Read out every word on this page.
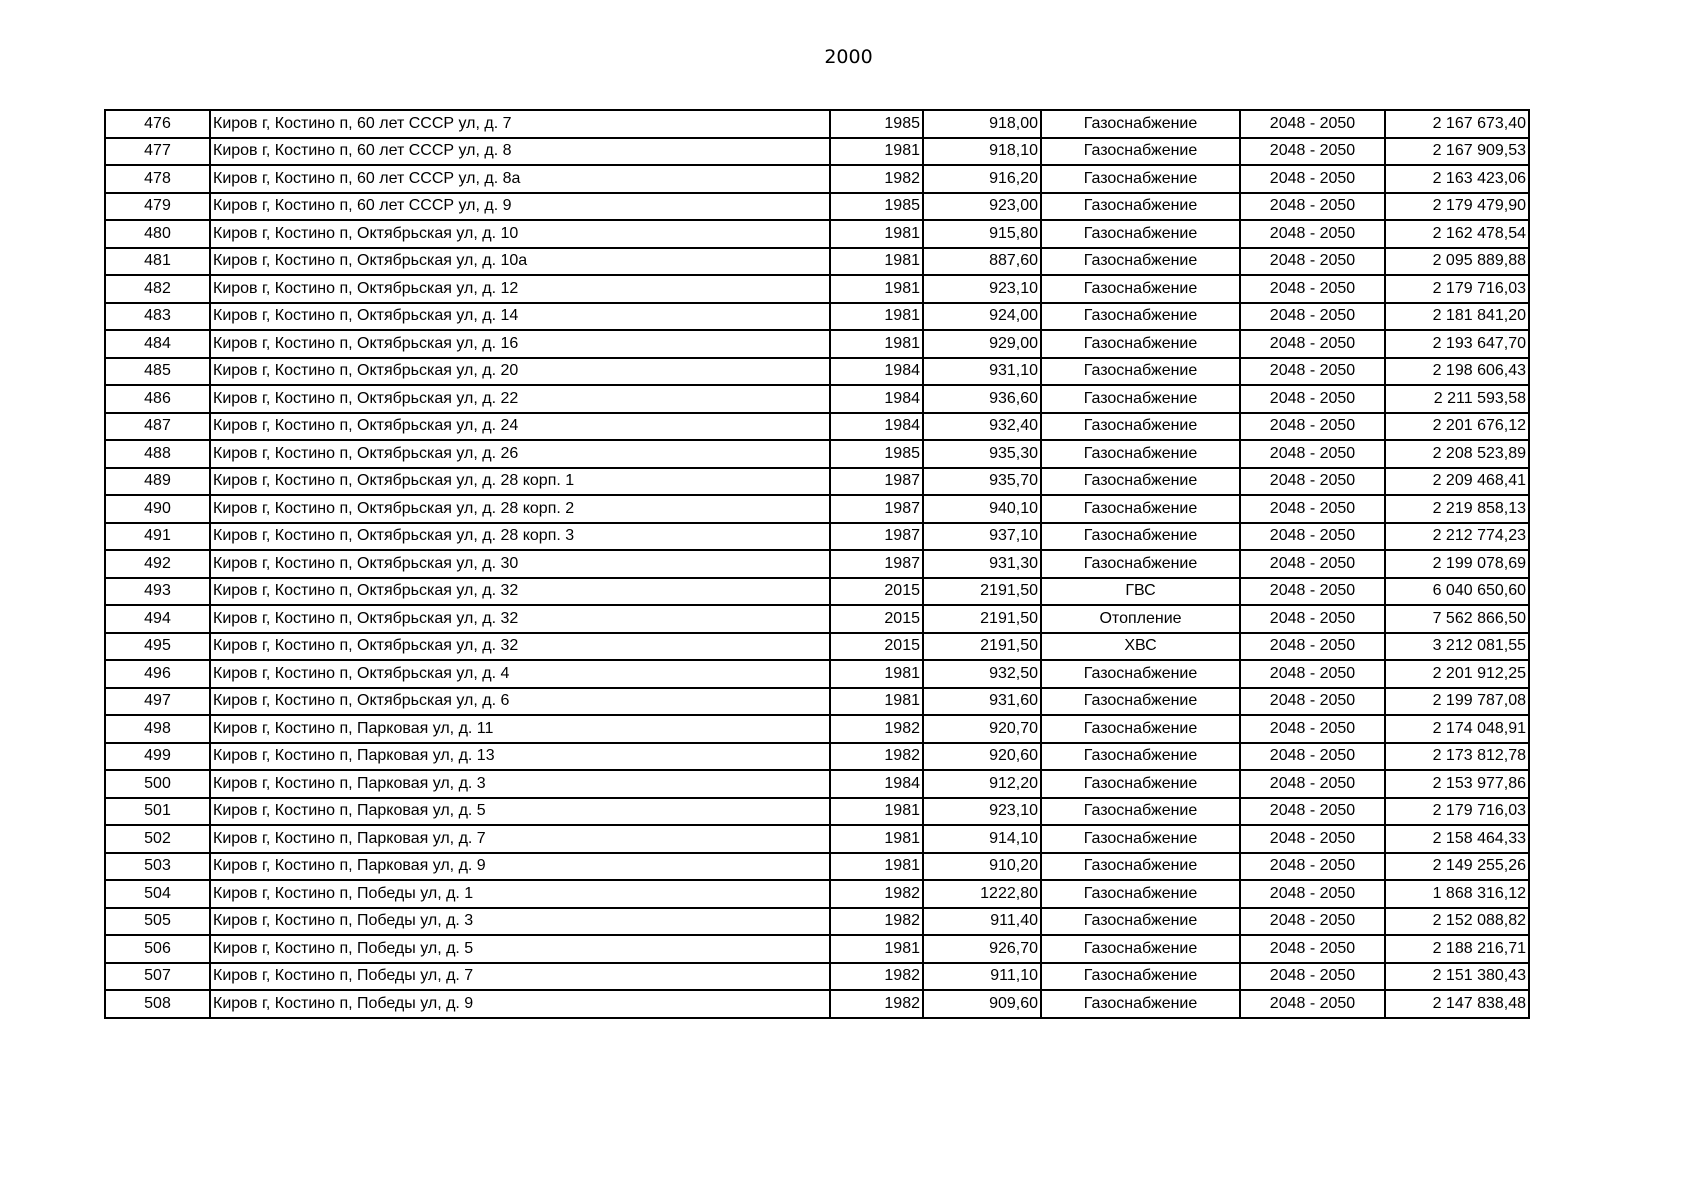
2000
476	Киров г, Костино п, 60 лет СССР ул, д. 7	1985	918,00	Газоснабжение	2048 - 2050	2 167 673,40
477	Киров г, Костино п, 60 лет СССР ул, д. 8	1981	918,10	Газоснабжение	2048 - 2050	2 167 909,53
478	Киров г, Костино п, 60 лет СССР ул, д. 8а	1982	916,20	Газоснабжение	2048 - 2050	2 163 423,06
479	Киров г, Костино п, 60 лет СССР ул, д. 9	1985	923,00	Газоснабжение	2048 - 2050	2 179 479,90
480	Киров г, Костино п, Октябрьская ул, д. 10	1981	915,80	Газоснабжение	2048 - 2050	2 162 478,54
481	Киров г, Костино п, Октябрьская ул, д. 10а	1981	887,60	Газоснабжение	2048 - 2050	2 095 889,88
482	Киров г, Костино п, Октябрьская ул, д. 12	1981	923,10	Газоснабжение	2048 - 2050	2 179 716,03
483	Киров г, Костино п, Октябрьская ул, д. 14	1981	924,00	Газоснабжение	2048 - 2050	2 181 841,20
484	Киров г, Костино п, Октябрьская ул, д. 16	1981	929,00	Газоснабжение	2048 - 2050	2 193 647,70
485	Киров г, Костино п, Октябрьская ул, д. 20	1984	931,10	Газоснабжение	2048 - 2050	2 198 606,43
486	Киров г, Костино п, Октябрьская ул, д. 22	1984	936,60	Газоснабжение	2048 - 2050	2 211 593,58
487	Киров г, Костино п, Октябрьская ул, д. 24	1984	932,40	Газоснабжение	2048 - 2050	2 201 676,12
488	Киров г, Костино п, Октябрьская ул, д. 26	1985	935,30	Газоснабжение	2048 - 2050	2 208 523,89
489	Киров г, Костино п, Октябрьская ул, д. 28 корп. 1	1987	935,70	Газоснабжение	2048 - 2050	2 209 468,41
490	Киров г, Костино п, Октябрьская ул, д. 28 корп. 2	1987	940,10	Газоснабжение	2048 - 2050	2 219 858,13
491	Киров г, Костино п, Октябрьская ул, д. 28 корп. 3	1987	937,10	Газоснабжение	2048 - 2050	2 212 774,23
492	Киров г, Костино п, Октябрьская ул, д. 30	1987	931,30	Газоснабжение	2048 - 2050	2 199 078,69
493	Киров г, Костино п, Октябрьская ул, д. 32	2015	2191,50	ГВС	2048 - 2050	6 040 650,60
494	Киров г, Костино п, Октябрьская ул, д. 32	2015	2191,50	Отопление	2048 - 2050	7 562 866,50
495	Киров г, Костино п, Октябрьская ул, д. 32	2015	2191,50	ХВС	2048 - 2050	3 212 081,55
496	Киров г, Костино п, Октябрьская ул, д. 4	1981	932,50	Газоснабжение	2048 - 2050	2 201 912,25
497	Киров г, Костино п, Октябрьская ул, д. 6	1981	931,60	Газоснабжение	2048 - 2050	2 199 787,08
498	Киров г, Костино п, Парковая ул, д. 11	1982	920,70	Газоснабжение	2048 - 2050	2 174 048,91
499	Киров г, Костино п, Парковая ул, д. 13	1982	920,60	Газоснабжение	2048 - 2050	2 173 812,78
500	Киров г, Костино п, Парковая ул, д. 3	1984	912,20	Газоснабжение	2048 - 2050	2 153 977,86
501	Киров г, Костино п, Парковая ул, д. 5	1981	923,10	Газоснабжение	2048 - 2050	2 179 716,03
502	Киров г, Костино п, Парковая ул, д. 7	1981	914,10	Газоснабжение	2048 - 2050	2 158 464,33
503	Киров г, Костино п, Парковая ул, д. 9	1981	910,20	Газоснабжение	2048 - 2050	2 149 255,26
504	Киров г, Костино п, Победы ул, д. 1	1982	1222,80	Газоснабжение	2048 - 2050	1 868 316,12
505	Киров г, Костино п, Победы ул, д. 3	1982	911,40	Газоснабжение	2048 - 2050	2 152 088,82
506	Киров г, Костино п, Победы ул, д. 5	1981	926,70	Газоснабжение	2048 - 2050	2 188 216,71
507	Киров г, Костино п, Победы ул, д. 7	1982	911,10	Газоснабжение	2048 - 2050	2 151 380,43
508	Киров г, Костино п, Победы ул, д. 9	1982	909,60	Газоснабжение	2048 - 2050	2 147 838,48
